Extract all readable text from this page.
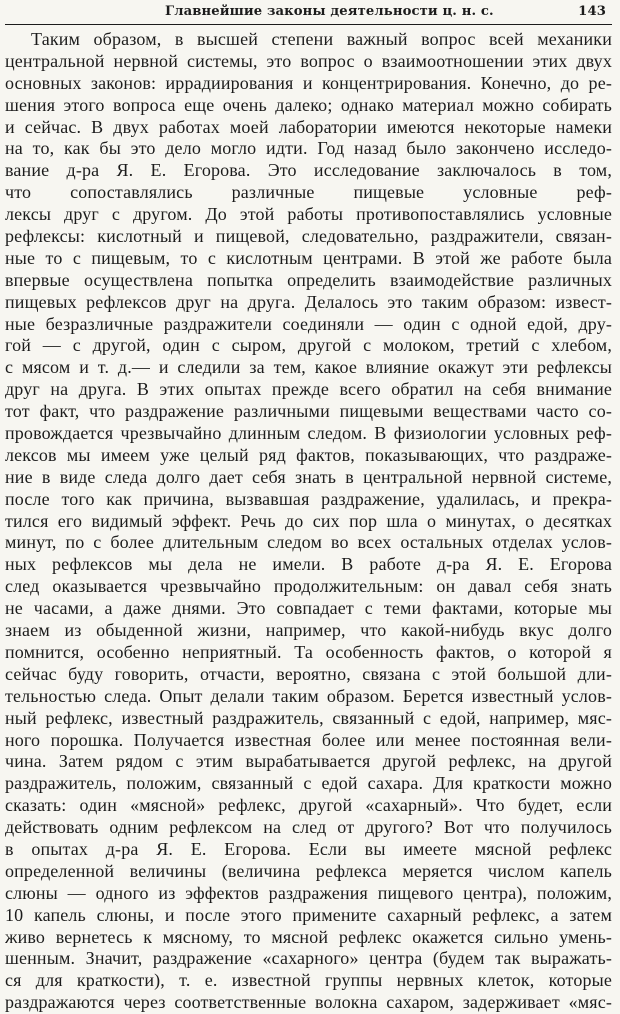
Главнейшие законы деятельности ц. н. с.	143
Таким образом, в высшей степени важный вопрос всей механики
центральной нервной системы, это вопрос о взаимоотношении этих двух
основных законов: иррадиирования и концентрирования. Конечно, до ре-
шения этого вопроса еще очень далеко; однако материал можно собирать
и сейчас. В двух работах моей лаборатории имеются некоторые намеки
на то, как бы это дело могло идти. Год назад было закончено исследо-
вание д-ра Я. Е. Егорова. Это исследование заключалось в том,
что сопоставлялись различные пищевые условные реф-
лексы друг с другом. До этой работы противопоставлялись условные
рефлексы: кислотный и пищевой, следовательно, раздражители, связан-
ные то с пищевым, то с кислотным центрами. В этой же работе была
впервые осуществлена попытка определить взаимодействие различных
пищевых рефлексов друг на друга. Делалось это таким образом: извест-
ные безразличные раздражители соединяли — один с одной едой, дру-
гой — с другой, один с сыром, другой с молоком, третий с хлебом,
с мясом и т. д.— и следили за тем, какое влияние окажут эти рефлексы
друг на друга. В этих опытах прежде всего обратил на себя внимание
тот факт, что раздражение различными пищевыми веществами часто со-
провождается чрезвычайно длинным следом. В физиологии условных реф-
лексов мы имеем уже целый ряд фактов, показывающих, что раздраже-
ние в виде следа долго дает себя знать в центральной нервной системе,
после того как причина, вызвавшая раздражение, удалилась, и прекра-
тился его видимый эффект. Речь до сих пор шла о минутах, о десятках
минут, по с более длительным следом во всех остальных отделах услов-
ных рефлексов мы дела не имели. В работе д-ра Я. Е. Егорова
след оказывается чрезвычайно продолжительным: он давал себя знать
не часами, а даже днями. Это совпадает с теми фактами, которые мы
знаем из обыденной жизни, например, что какой-нибудь вкус долго
помнится, особенно неприятный. Та особенность фактов, о которой я
сейчас буду говорить, отчасти, вероятно, связана с этой большой дли-
тельностью следа. Опыт делали таким образом. Берется известный услов-
ный рефлекс, известный раздражитель, связанный с едой, например, мяс-
ного порошка. Получается известная более или менее постоянная вели-
чина. Затем рядом с этим вырабатывается другой рефлекс, на другой
раздражитель, положим, связанный с едой сахара. Для краткости можно
сказать: один «мясной» рефлекс, другой «сахарный». Что будет, если
действовать одним рефлексом на след от другого? Вот что получилось
в опытах д-ра Я. Е. Егорова. Если вы имеете мясной рефлекс
определенной величины (величина рефлекса меряется числом капель
слюны — одного из эффектов раздражения пищевого центра), положим,
10 капель слюны, и после этого примените сахарный рефлекс, а затем
живо вернетесь к мясному, то мясной рефлекс окажется сильно умень-
шенным. Значит, раздражение «сахарного» центра (будем так выражать-
ся для краткости), т. е. известной группы нервных клеток, которые
раздражаются через соответственные волокна сахаром, задерживает «мяс-
